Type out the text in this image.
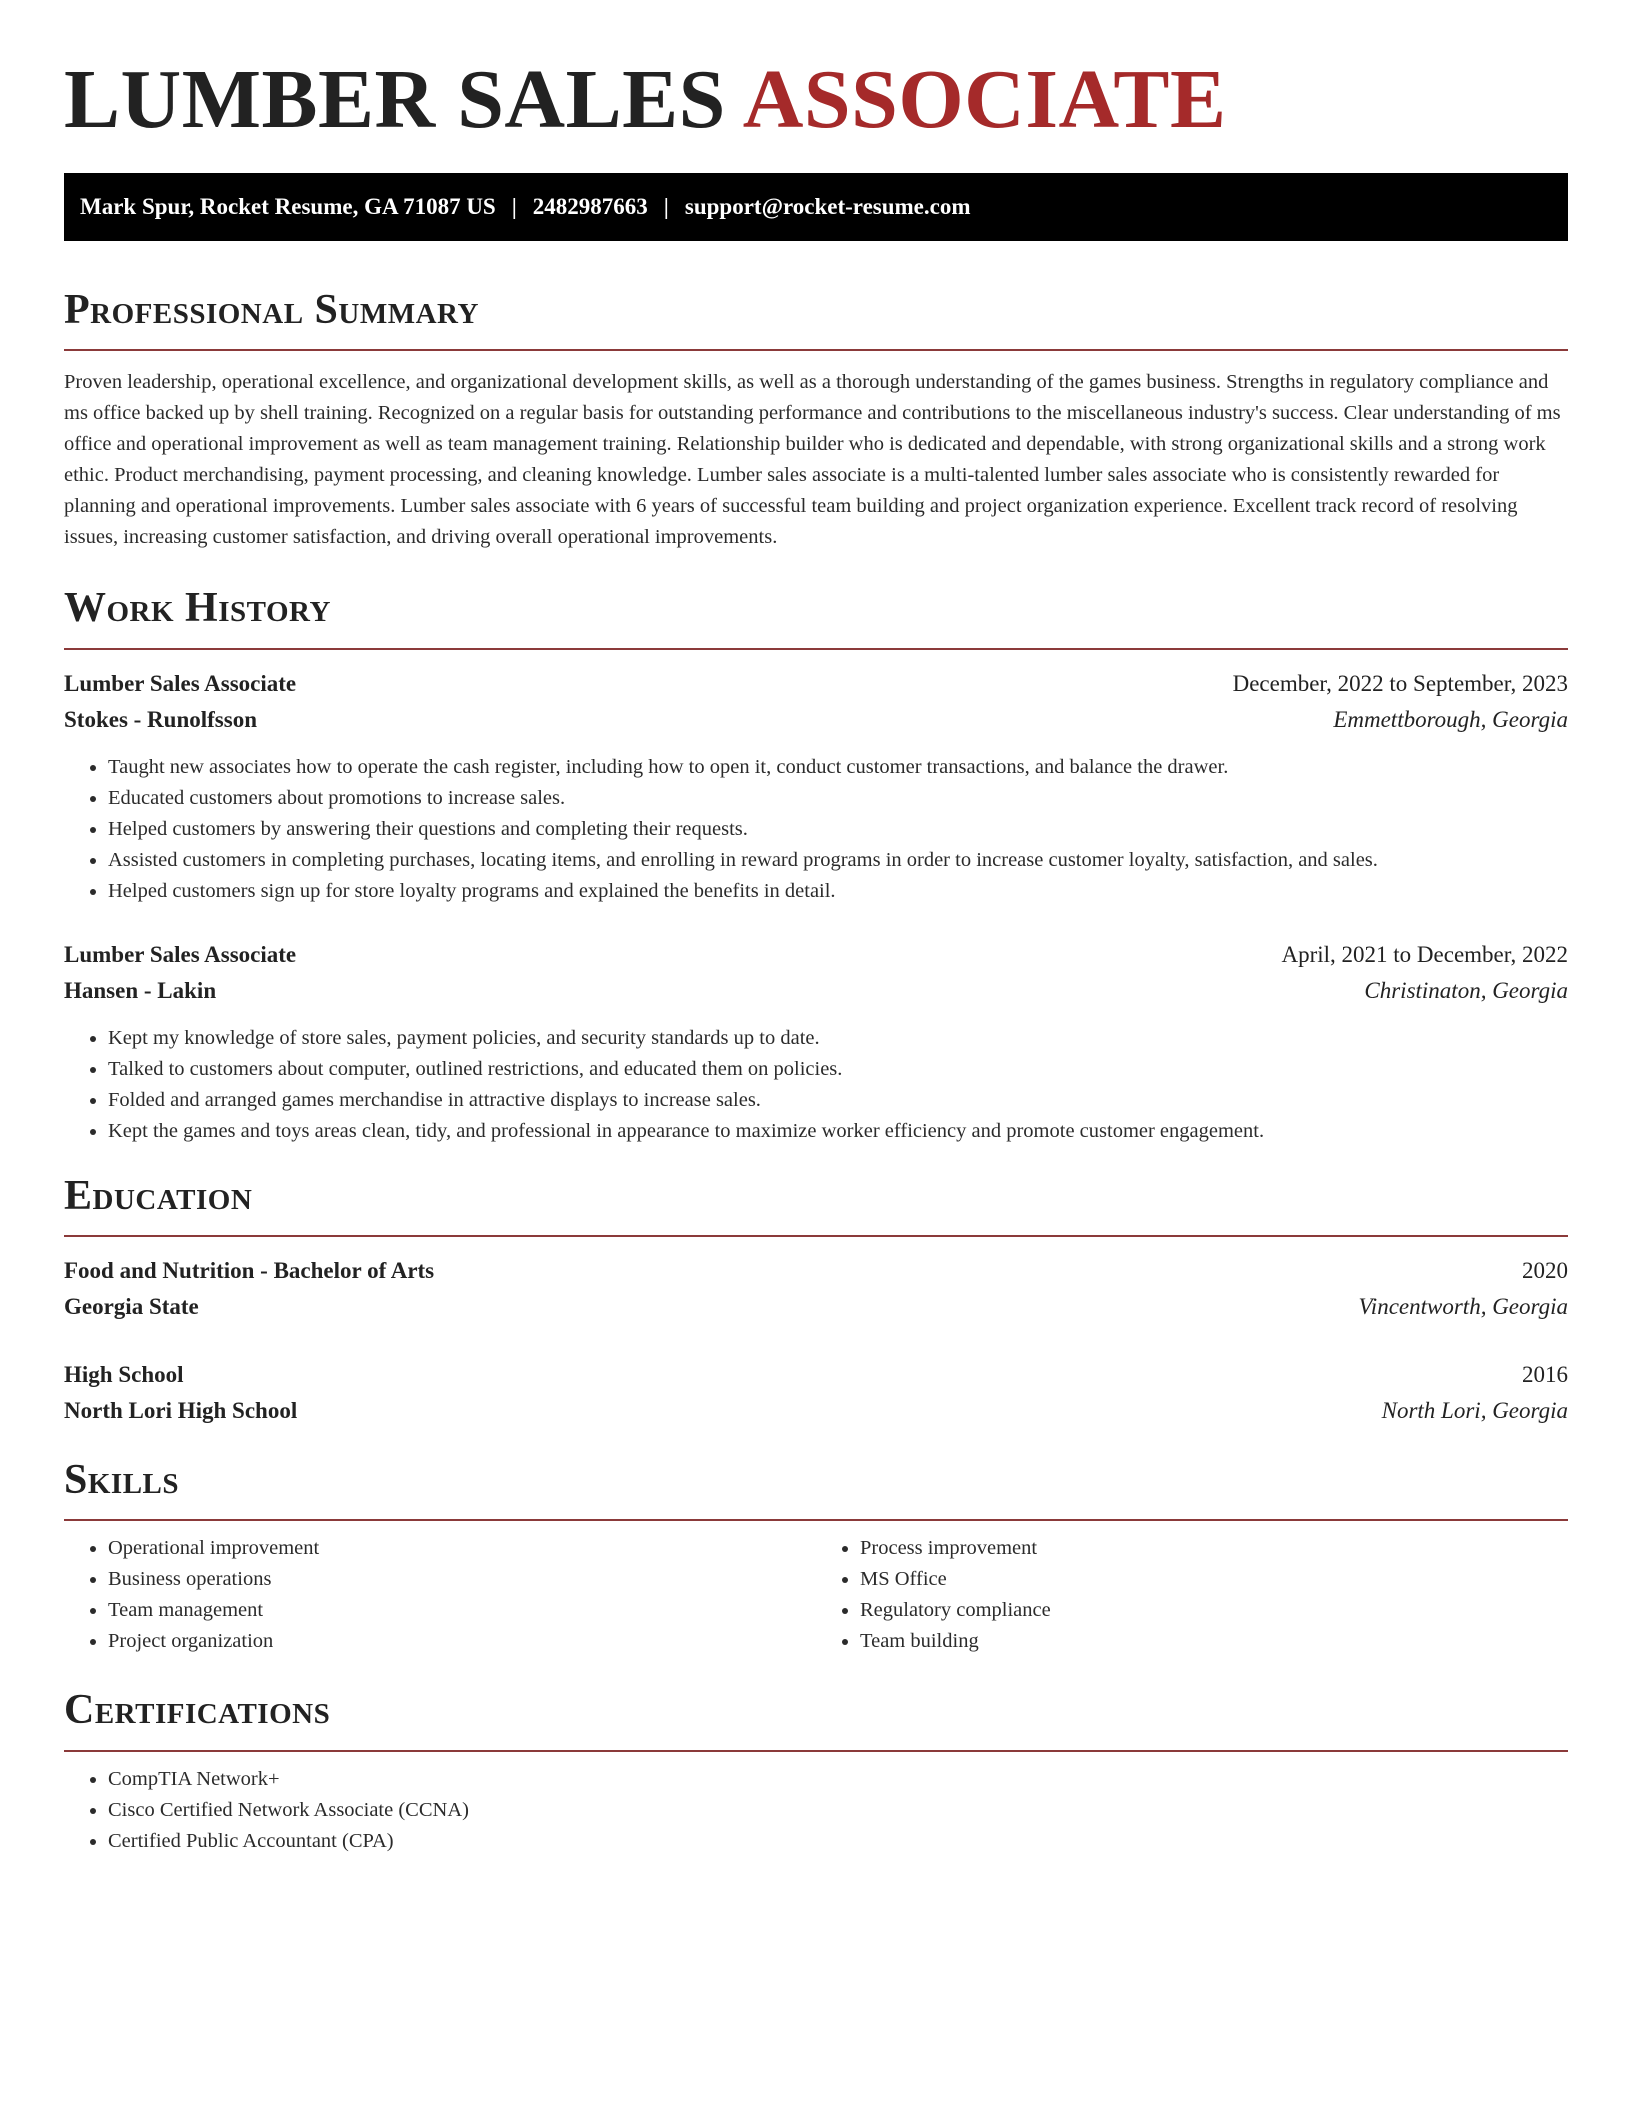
LUMBER SALES ASSOCIATE
Mark Spur, Rocket Resume, GA 71087 US | 2482987663 | support@rocket-resume.com
Professional Summary
Proven leadership, operational excellence, and organizational development skills, as well as a thorough understanding of the games business. Strengths in regulatory compliance and ms office backed up by shell training. Recognized on a regular basis for outstanding performance and contributions to the miscellaneous industry's success. Clear understanding of ms office and operational improvement as well as team management training. Relationship builder who is dedicated and dependable, with strong organizational skills and a strong work ethic. Product merchandising, payment processing, and cleaning knowledge. Lumber sales associate is a multi-talented lumber sales associate who is consistently rewarded for planning and operational improvements. Lumber sales associate with 6 years of successful team building and project organization experience. Excellent track record of resolving issues, increasing customer satisfaction, and driving overall operational improvements.
Work History
Lumber Sales Associate	December, 2022 to September, 2023
Stokes - Runolfsson	Emmettborough, Georgia
• Taught new associates how to operate the cash register, including how to open it, conduct customer transactions, and balance the drawer.
• Educated customers about promotions to increase sales.
• Helped customers by answering their questions and completing their requests.
• Assisted customers in completing purchases, locating items, and enrolling in reward programs in order to increase customer loyalty, satisfaction, and sales.
• Helped customers sign up for store loyalty programs and explained the benefits in detail.
Lumber Sales Associate	April, 2021 to December, 2022
Hansen - Lakin	Christinaton, Georgia
• Kept my knowledge of store sales, payment policies, and security standards up to date.
• Talked to customers about computer, outlined restrictions, and educated them on policies.
• Folded and arranged games merchandise in attractive displays to increase sales.
• Kept the games and toys areas clean, tidy, and professional in appearance to maximize worker efficiency and promote customer engagement.
Education
Food and Nutrition - Bachelor of Arts	2020
Georgia State	Vincentworth, Georgia
High School	2016
North Lori High School	North Lori, Georgia
Skills
• Operational improvement
• Business operations
• Team management
• Project organization
• Process improvement
• MS Office
• Regulatory compliance
• Team building
Certifications
• CompTIA Network+
• Cisco Certified Network Associate (CCNA)
• Certified Public Accountant (CPA)
